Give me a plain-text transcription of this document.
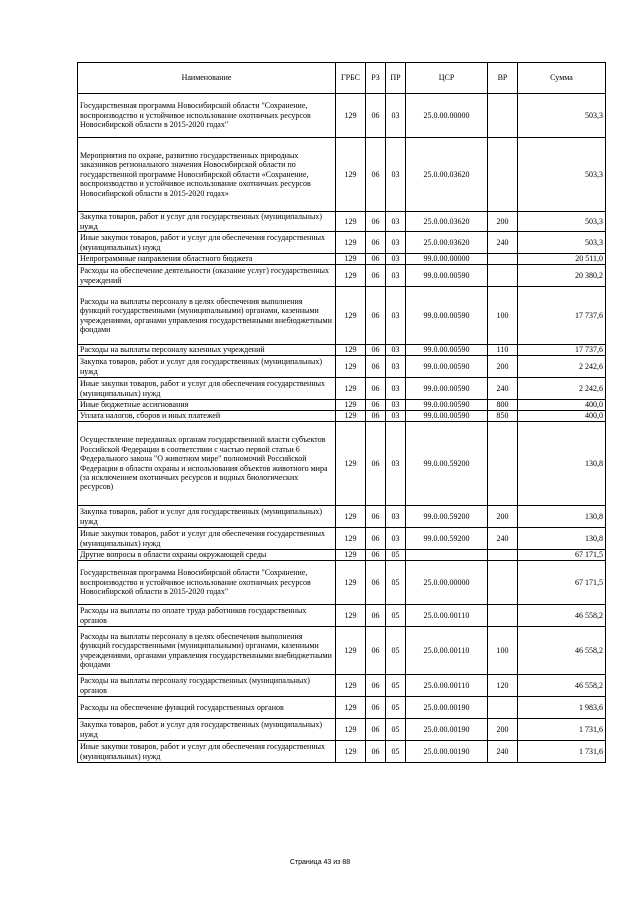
Наименование	ГРБС	РЗ	ПР	ЦСР	ВР	Сумма
Государственная программа Новосибирской области "Сохранение, воспроизводство и устойчивое использование охотничьих ресурсов Новосибирской области в 2015-2020 годах"	129	06	03	25.0.00.00000		503,3
Мероприятия по охране, развитию государственных природных заказников регионального значения Новосибирской области по государственной программе Новосибирской области «Сохранение, воспроизводство и устойчивое использование охотничьих ресурсов Новосибирской области в 2015-2020 годах»	129	06	03	25.0.00.03620		503,3
Закупка товаров, работ и услуг для государственных (муниципальных) нужд	129	06	03	25.0.00.03620	200	503,3
Иные закупки товаров, работ и услуг для обеспечения государственных (муниципальных) нужд	129	06	03	25.0.00.03620	240	503,3
Непрограммные направления областного бюджета	129	06	03	99.0.00.00000		20 511,0
Расходы на обеспечение деятельности (оказание услуг) государственных учреждений	129	06	03	99.0.00.00590		20 380,2
Расходы на выплаты персоналу в целях обеспечения выполнения функций государственными (муниципальными) органами, казенными учреждениями, органами управления государственными внебюджетными фондами	129	06	03	99.0.00.00590	100	17 737,6
Расходы на выплаты персоналу казенных учреждений	129	06	03	99.0.00.00590	110	17 737,6
Закупка товаров, работ и услуг для государственных (муниципальных) нужд	129	06	03	99.0.00.00590	200	2 242,6
Иные закупки товаров, работ и услуг для обеспечения государственных (муниципальных) нужд	129	06	03	99.0.00.00590	240	2 242,6
Иные бюджетные ассигнования	129	06	03	99.0.00.00590	800	400,0
Уплата налогов, сборов и иных платежей	129	06	03	99.0.00.00590	850	400,0
Осуществление переданных органам государственной власти субъектов Российской Федерации в соответствии с частью первой статьи 6 Федерального закона "О животном мире" полномочий Российской Федерации в области охраны и использования объектов животного мира (за исключением охотничьих ресурсов и водных биологических ресурсов)	129	06	03	99.0.00.59200		130,8
Закупка товаров, работ и услуг для государственных (муниципальных) нужд	129	06	03	99.0.00.59200	200	130,8
Иные закупки товаров, работ и услуг для обеспечения государственных (муниципальных) нужд	129	06	03	99.0.00.59200	240	130,8
Другие вопросы в области охраны окружающей среды	129	06	05			67 171,5
Государственная программа Новосибирской области "Сохранение, воспроизводство и устойчивое использование охотничьих ресурсов Новосибирской области в 2015-2020 годах"	129	06	05	25.0.00.00000		67 171,5
Расходы на выплаты по оплате труда работников государственных органов	129	06	05	25.0.00.00110		46 558,2
Расходы на выплаты персоналу в целях обеспечения выполнения функций государственными (муниципальными) органами, казенными учреждениями, органами управления государственными внебюджетными фондами	129	06	05	25.0.00.00110	100	46 558,2
Расходы на выплаты персоналу государственных (муниципальных) органов	129	06	05	25.0.00.00110	120	46 558,2
Расходы на обеспечение функций государственных органов	129	06	05	25.0.00.00190		1 983,6
Закупка товаров, работ и услуг для государственных (муниципальных) нужд	129	06	05	25.0.00.00190	200	1 731,6
Иные закупки товаров, работ и услуг для обеспечения государственных (муниципальных) нужд	129	06	05	25.0.00.00190	240	1 731,6
Страница 43 из 88
